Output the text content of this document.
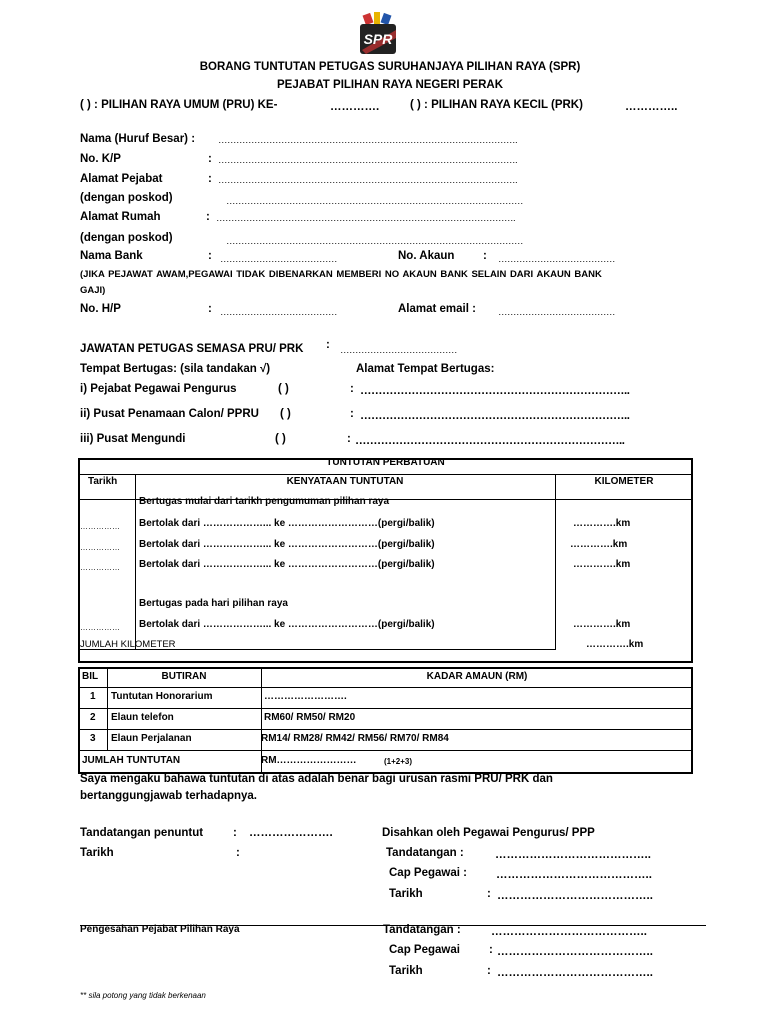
SPR
BORANG TUNTUTAN PETUGAS SURUHANJAYA PILIHAN RAYA (SPR)
PEJABAT PILIHAN RAYA NEGERI PERAK
( ) : PILIHAN RAYA UMUM (PRU) KE-	………….	( ) : PILIHAN RAYA KECIL (PRK)	…………..
Nama (Huruf Besar) : ……………………………………………………………………………………….
No. K/P	: ……………………………………………………………………………………….
Alamat Pejabat	: ……………………………………………………………………………………….
(dengan poskod)	………………………………………………………………………………………
Alamat Rumah	: ……………………………………………………………………………………….
(dengan poskod)	………………………………………………………………………………………
Nama Bank	: …………………………………	No. Akaun : …………………………………
(JIKA PEJAWAT AWAM,PEGAWAI TIDAK DIBENARKAN MEMBERI NO AKAUN BANK SELAIN DARI AKAUN BANK
GAJI)
No. H/P	: …………………………………	Alamat email : …………………………………
JAWATAN PETUGAS SEMASA PRU/ PRK : …………………………………
Tempat Bertugas: (sila tandakan √)	Alamat Tempat Bertugas:
i) Pejabat Pegawai Pengurus	( )	: ………………………………………………………………..
ii) Pusat Penamaan Calon/ PPRU ( )	: ………………………………………………………………..
iii) Pusat Mengundi	( )	: ………………………………………………………………..
TUNTUTAN PERBATUAN
Tarikh	KENYATAAN TUNTUTAN	KILOMETER
Bertugas mulai dari tarikh pengumuman pilihan raya
…………… Bertolak dari ………………... ke ………………………(pergi/balik)	………….km
…………… Bertolak dari ………………... ke ………………………(pergi/balik)	………….km
…………… Bertolak dari ………………... ke ………………………(pergi/balik)	………….km
Bertugas pada hari pilihan raya
…………… Bertolak dari ………………... ke ………………………(pergi/balik)	………….km
JUMLAH KILOMETER	………….km
BIL	BUTIRAN	KADAR AMAUN (RM)
1 Tuntutan Honorarium	…………………….
2 Elaun telefon	RM60/ RM50/ RM20
3 Elaun Perjalanan	RM14/ RM28/ RM42/ RM56/ RM70/ RM84
JUMLAH TUNTUTAN	RM……………………	(1+2+3)
Saya mengaku bahawa tuntutan di atas adalah benar bagi urusan rasmi PRU/ PRK dan
bertanggungjawab terhadapnya.
Tandatangan penuntut	: ………………….
Tarikh	:
Disahkan oleh Pegawai Pengurus/ PPP
Tandatangan :	…………………………………..
Cap Pegawai :	…………………………………..
Tarikh	: …………………………………..
Pengesahan Pejabat Pilihan Raya	Tandatangan :	…………………………………..
Cap Pegawai	: …………………………………..
Tarikh	: …………………………………..
** sila potong yang tidak berkenaan
